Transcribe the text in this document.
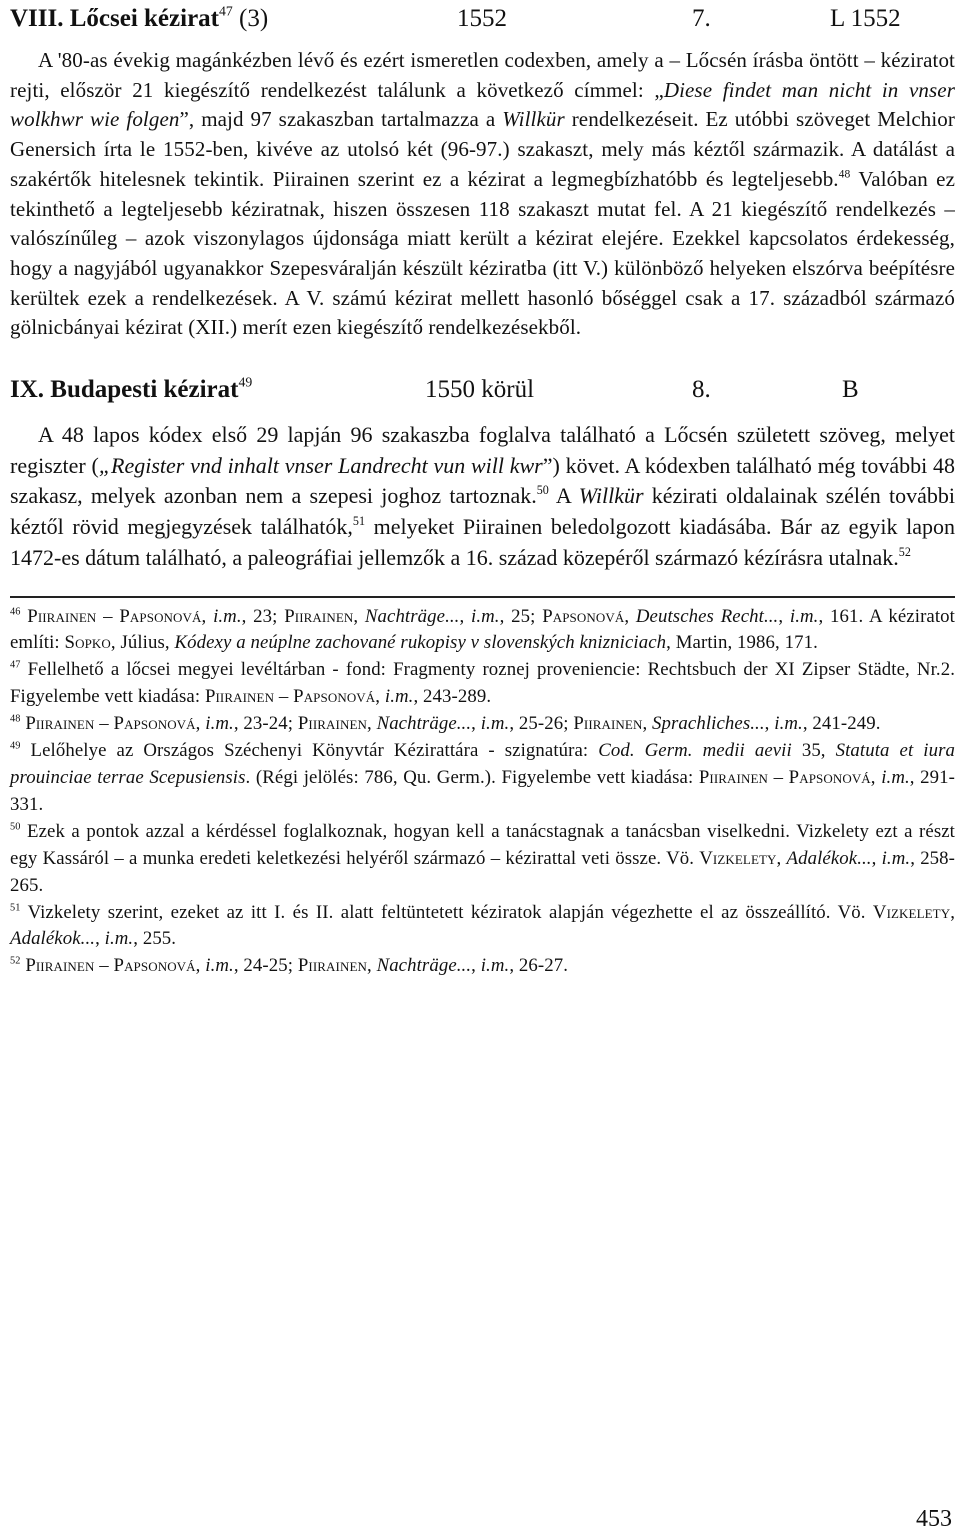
VIII. Lőcsei kézirat$^{47}$ (3)	1552	7.	L 1552

A '80-as évekig magánkézben lévő és ezért ismeretlen codexben, amely a – Lőcsén írásba öntött – kéziratot rejti, először 21 kiegészítő rendelkezést találunk a következő címmel: „Diese findet man nicht in vnser wolkhwr wie folgen”, majd 97 szakaszban tartalmazza a Willkür rendelkezéseit. Ez utóbbi szöveget Melchior Genersich írta le 1552-ben, kivéve az utolsó két (96-97.) szakaszt, mely más kéztől származik. A datálást a szakértők hitelesnek tekintik. Piirainen szerint ez a kézirat a legmegbízhatóbb és legteljesebb.$^{48}$ Valóban ez tekinthető a legteljesebb kéziratnak, hiszen összesen 118 szakaszt mutat fel. A 21 kiegészítő rendelkezés – valószínűleg – azok viszonylagos újdonsága miatt került a kézirat elejére. Ezekkel kapcsolatos érdekesség, hogy a nagyjából ugyanakkor Szepesváralján készült kéziratba (itt V.) különböző helyeken elszórva beépítésre kerültek ezek a rendelkezések. A V. számú kézirat mellett hasonló bőséggel csak a 17. századból származó gölnicbányai kézirat (XII.) merít ezen kiegészítő rendelkezésekből.

IX. Budapesti kézirat$^{49}$	1550 körül	8.	B

A 48 lapos kódex első 29 lapján 96 szakaszba foglalva található a Lőcsén született szöveg, melyet regiszter („Register vnd inhalt vnser Landrecht vun will kwr”) követ. A kódexben található még további 48 szakasz, melyek azonban nem a szepesi joghoz tartoznak.$^{50}$ A Willkür kézirati oldalainak szélén további kéztől rövid megjegyzések találhatók,$^{51}$ melyeket Piirainen beledolgozott kiadásába. Bár az egyik lapon 1472-es dátum található, a paleográfiai jellemzők a 16. század közepéről származó kézírásra utalnak.$^{52}$

$^{46}$ Piirainen – Papsonová, i.m., 23; Piirainen, Nachträge..., i.m., 25; Papsonová, Deutsches Recht..., i.m., 161. A kéziratot említi: Sopko, Július, Kódexy a neúplne zachované rukopisy v slovenských knizniciach, Martin, 1986, 171.

$^{47}$ Fellelhető a lőcsei megyei levéltárban - fond: Fragmenty roznej proveniencie: Rechtsbuch der XI Zipser Städte, Nr.2. Figyelembe vett kiadása: Piirainen – Papsonová, i.m., 243-289.

$^{48}$ Piirainen – Papsonová, i.m., 23-24; Piirainen, Nachträge..., i.m., 25-26; Piirainen, Sprachliches..., i.m., 241-249.

$^{49}$ Lelőhelye az Országos Széchenyi Könyvtár Kézirattára - szignatúra: Cod. Germ. medii aevii 35, Statuta et iura prouinciae terrae Scepusiensis. (Régi jelölés: 786, Qu. Germ.). Figyelembe vett kiadása: Piirainen – Papsonová, i.m., 291-331.

$^{50}$ Ezek a pontok azzal a kérdéssel foglalkoznak, hogyan kell a tanácstagnak a tanácsban viselkedni. Vizkelety ezt a részt egy Kassáról – a munka eredeti keletkezési helyéről származó – kézirattal veti össze. Vö. Vizkelety, Adalékok..., i.m., 258-265.

$^{51}$ Vizkelety szerint, ezeket az itt I. és II. alatt feltüntetett kéziratok alapján végezhette el az összeállító. Vö. Vizkelety, Adalékok..., i.m., 255.

$^{52}$ Piirainen – Papsonová, i.m., 24-25; Piirainen, Nachträge..., i.m., 26-27.

453
